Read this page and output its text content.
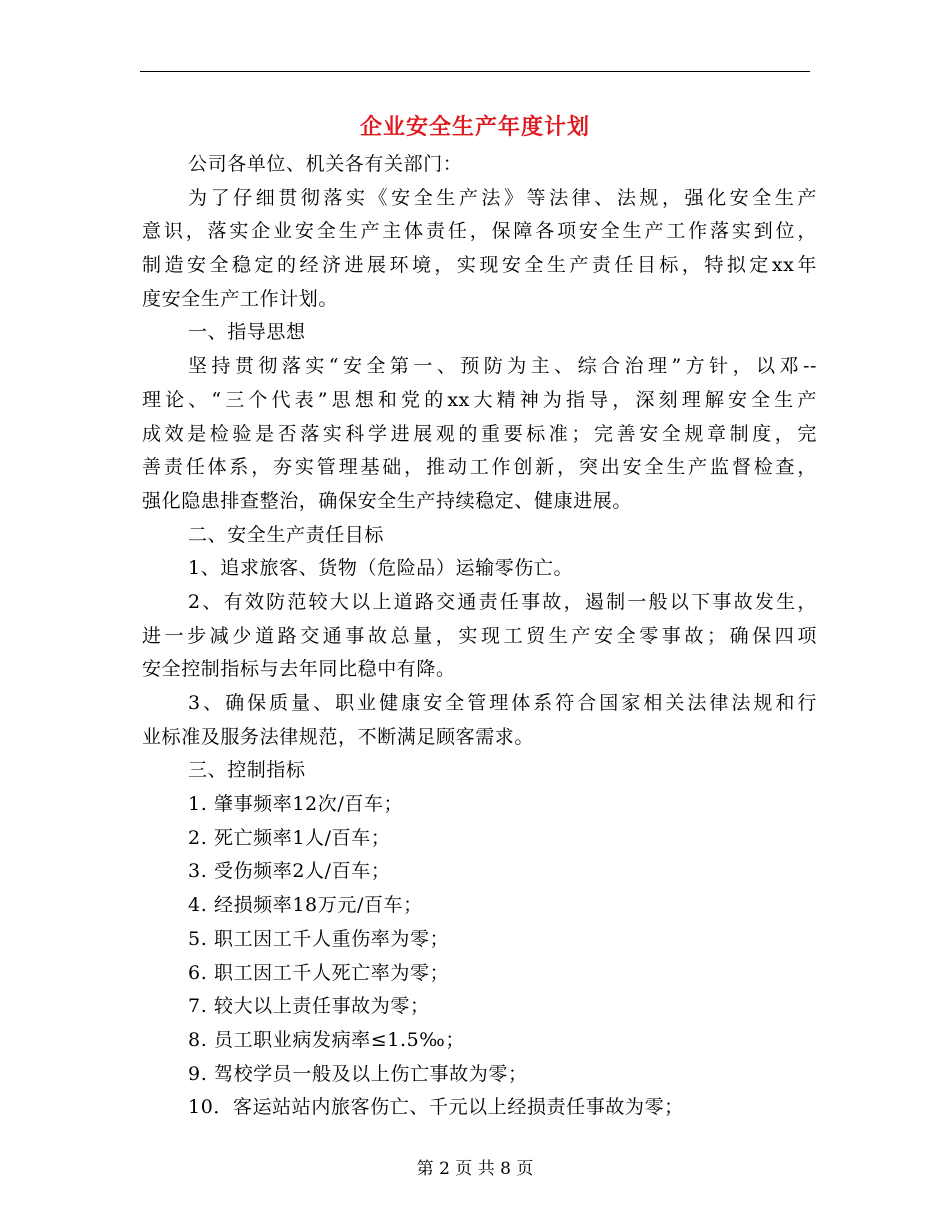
企业安全生产年度计划
公司各单位、机关各有关部门：
为了仔细贯彻落实《安全生产法》等法律、法规，强化安全生产
意识，落实企业安全生产主体责任，保障各项安全生产工作落实到位，
制造安全稳定的经济进展环境，实现安全生产责任目标，特拟定xx年
度安全生产工作计划。
一、指导思想
坚持贯彻落实“安全第一、预防为主、综合治理”方针，以邓--
理论、“三个代表”思想和党的xx大精神为指导，深刻理解安全生产
成效是检验是否落实科学进展观的重要标准；完善安全规章制度，完
善责任体系，夯实管理基础，推动工作创新，突出安全生产监督检查，
强化隐患排查整治，确保安全生产持续稳定、健康进展。
二、安全生产责任目标
1、追求旅客、货物（危险品）运输零伤亡。
2、有效防范较大以上道路交通责任事故，遏制一般以下事故发生，
进一步减少道路交通事故总量，实现工贸生产安全零事故；确保四项
安全控制指标与去年同比稳中有降。
3、确保质量、职业健康安全管理体系符合国家相关法律法规和行
业标准及服务法律规范，不断满足顾客需求。
三、控制指标
1. 肇事频率12次/百车；
2. 死亡频率1人/百车；
3. 受伤频率2人/百车；
4. 经损频率18万元/百车；
5. 职工因工千人重伤率为零；
6. 职工因工千人死亡率为零；
7. 较大以上责任事故为零；
8. 员工职业病发病率≤1.5‰；
9. 驾校学员一般及以上伤亡事故为零；
10．客运站站内旅客伤亡、千元以上经损责任事故为零；
第 2 页 共 8 页
